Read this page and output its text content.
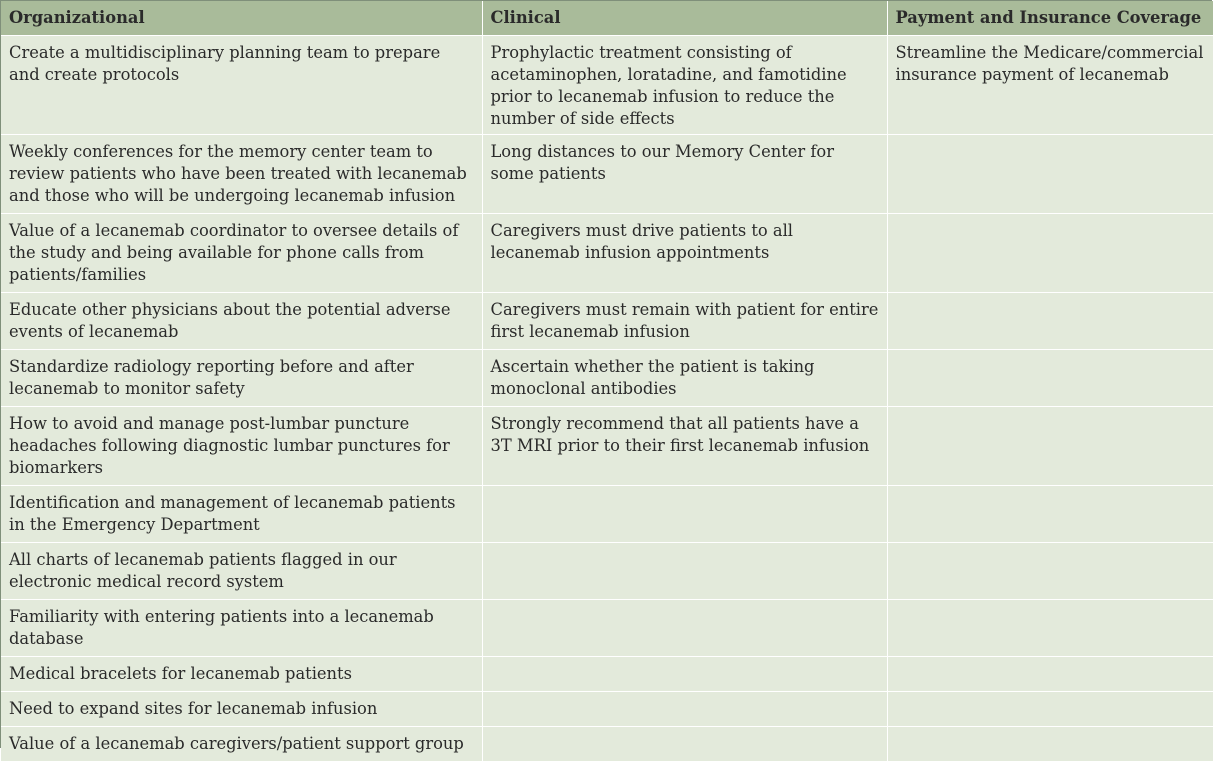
Organizational	Clinical	Payment and Insurance Coverage
Create a multidisciplinary planning team to prepare and create protocols	Prophylactic treatment consisting of acetaminophen, loratadine, and famotidine prior to lecanemab infusion to reduce the number of side effects	Streamline the Medicare/commercial insurance payment of lecanemab
Weekly conferences for the memory center team to review patients who have been treated with lecanemab and those who will be undergoing lecanemab infusion	Long distances to our Memory Center for some patients	
Value of a lecanemab coordinator to oversee details of the study and being available for phone calls from patients/families	Caregivers must drive patients to all lecanemab infusion appointments	
Educate other physicians about the potential adverse events of lecanemab	Caregivers must remain with patient for entire first lecanemab infusion	
Standardize radiology reporting before and after lecanemab to monitor safety	Ascertain whether the patient is taking monoclonal antibodies	
How to avoid and manage post-lumbar puncture headaches following diagnostic lumbar punctures for biomarkers	Strongly recommend that all patients have a 3T MRI prior to their first lecanemab infusion	
Identification and management of lecanemab patients in the Emergency Department		
All charts of lecanemab patients flagged in our electronic medical record system		
Familiarity with entering patients into a lecanemab database		
Medical bracelets for lecanemab patients		
Need to expand sites for lecanemab infusion		
Value of a lecanemab caregivers/patient support group		
